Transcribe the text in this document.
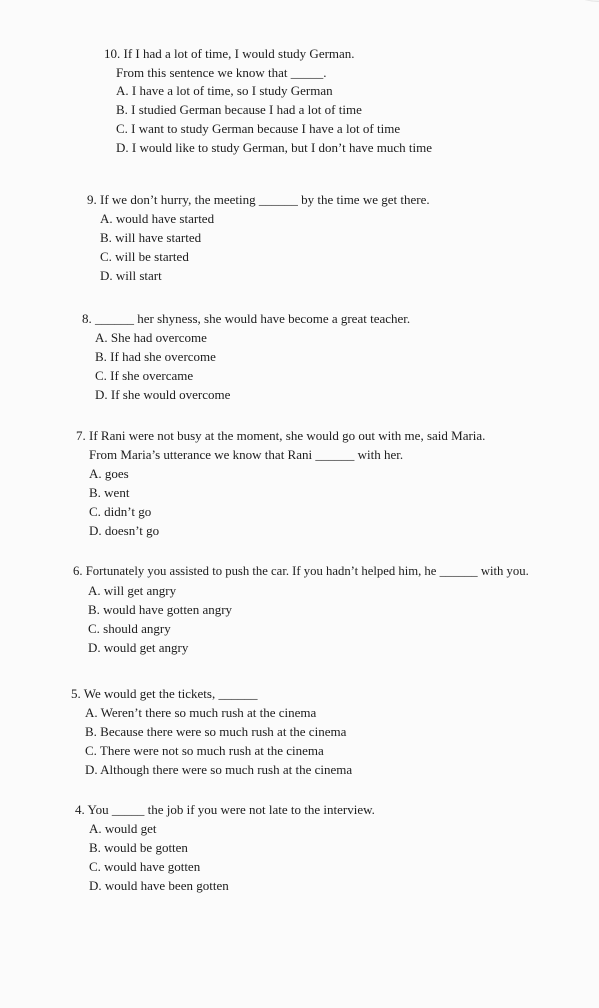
10. If I had a lot of time, I would study German.
From this sentence we know that _____.
A. I have a lot of time, so I study German
B. I studied German because I had a lot of time
C. I want to study German because I have a lot of time
D. I would like to study German, but I don’t have much time
9. If we don’t hurry, the meeting ______ by the time we get there.
A. would have started
B. will have started
C. will be started
D. will start
8. ______ her shyness, she would have become a great teacher.
A. She had overcome
B. If had she overcome
C. If she overcame
D. If she would overcome
7. If Rani were not busy at the moment, she would go out with me, said Maria.
From Maria’s utterance we know that Rani ______ with her.
A. goes
B. went
C. didn’t go
D. doesn’t go
6. Fortunately you assisted to push the car. If you hadn’t helped him, he ______ with you.
A. will get angry
B. would have gotten angry
C. should angry
D. would get angry
5. We would get the tickets, ______
A. Weren’t there so much rush at the cinema
B. Because there were so much rush at the cinema
C. There were not so much rush at the cinema
D. Although there were so much rush at the cinema
4. You _____ the job if you were not late to the interview.
A. would get
B. would be gotten
C. would have gotten
D. would have been gotten
